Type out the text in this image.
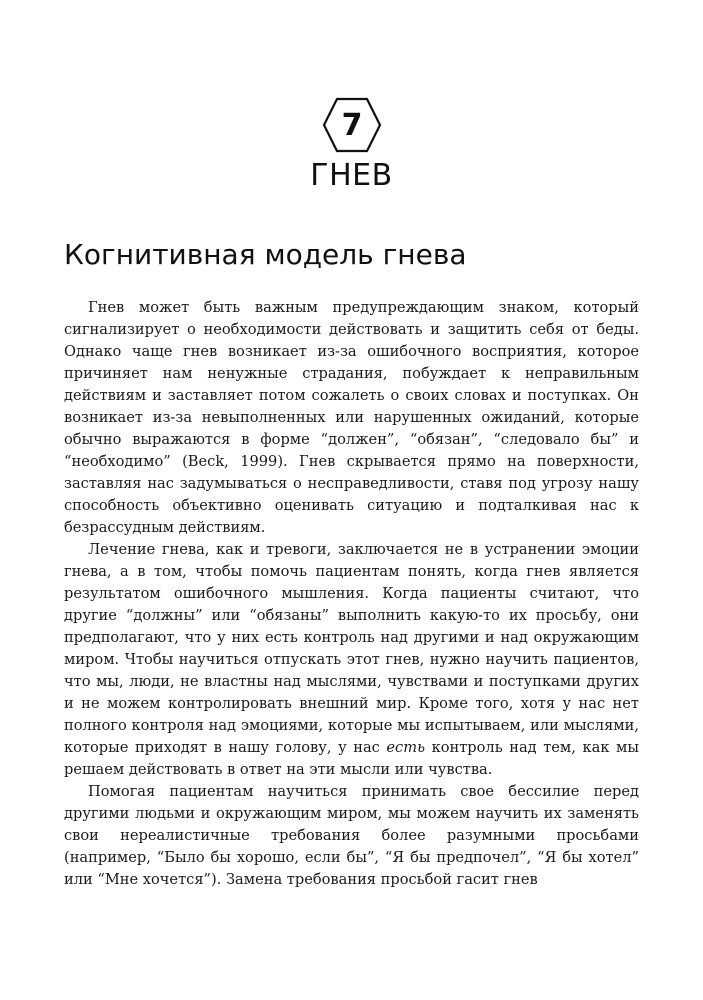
7
ГНЕВ
Когнитивная модель гнева

Гнев может быть важным предупреждающим знаком, который сигнализирует о необходимости действовать и защитить себя от беды. Однако чаще гнев возникает из-за ошибочного восприятия, которое причиняет нам ненужные страдания, побуждает к неправильным действиям и заставляет потом сожалеть о своих словах и поступках. Он возникает из-за невыполненных или нарушенных ожиданий, которые обычно выражаются в форме “должен”, “обязан”, “следовало бы” и “необходимо” (Beck, 1999). Гнев скрывается прямо на поверхности, заставляя нас задумываться о несправедливости, ставя под угрозу нашу способность объективно оценивать ситуацию и подталкивая нас к безрассудным действиям.

Лечение гнева, как и тревоги, заключается не в устранении эмоции гнева, а в том, чтобы помочь пациентам понять, когда гнев является результатом ошибочного мышления. Когда пациенты считают, что другие “должны” или “обязаны” выполнить какую-то их просьбу, они предполагают, что у них есть контроль над другими и над окружающим миром. Чтобы научиться отпускать этот гнев, нужно научить пациентов, что мы, люди, не властны над мыслями, чувствами и поступками других и не можем контролировать внешний мир. Кроме того, хотя у нас нет полного контроля над эмоциями, которые мы испытываем, или мыслями, которые приходят в нашу голову, у нас есть контроль над тем, как мы решаем действовать в ответ на эти мысли или чувства.

Помогая пациентам научиться принимать свое бессилие перед другими людьми и окружающим миром, мы можем научить их заменять свои нереалистичные требования более разумными просьбами (например, “Было бы хорошо, если бы”, “Я бы предпочел”, “Я бы хотел” или “Мне хочется”). Замена требования просьбой гасит гнев
